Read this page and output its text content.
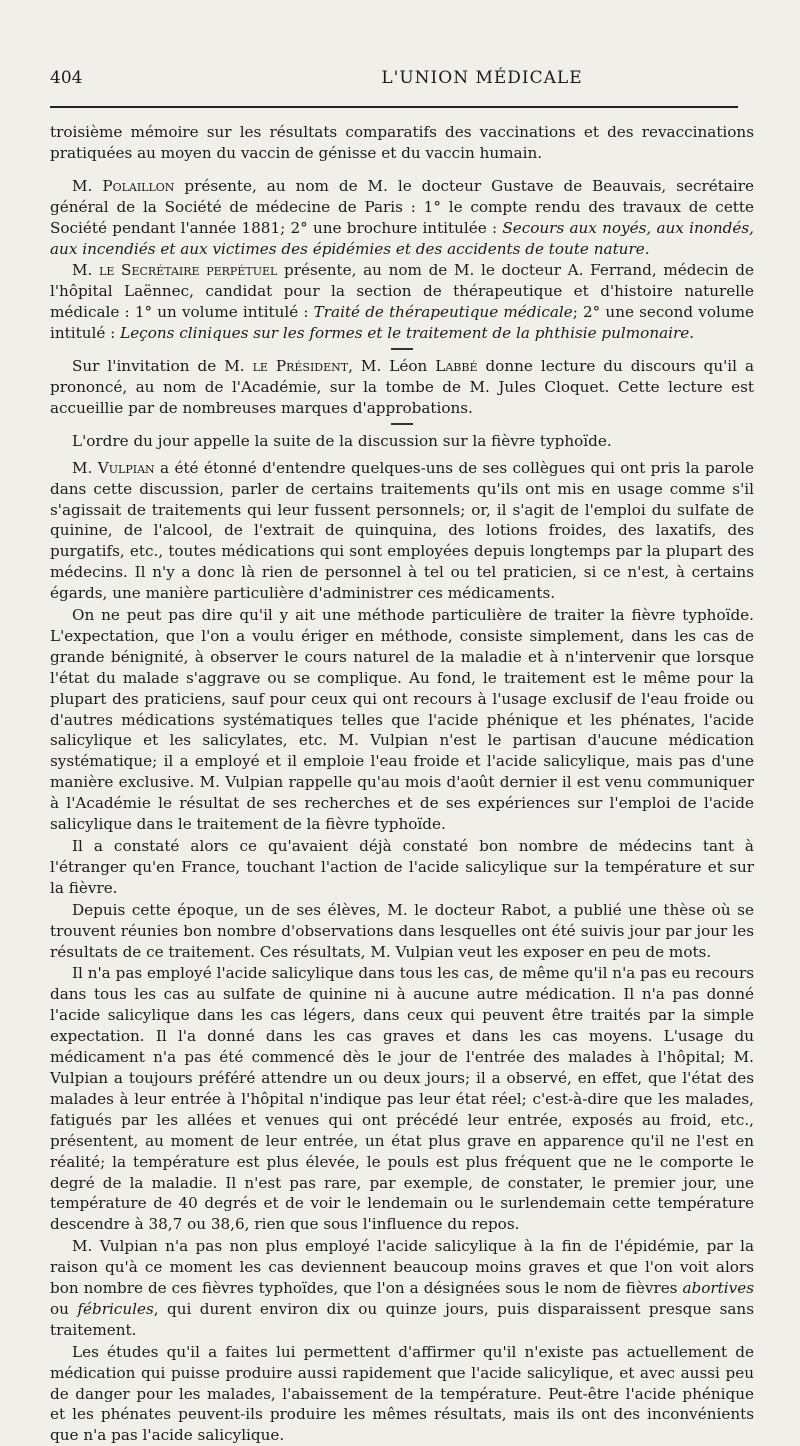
404	L'UNION MÉDICALE

troisième mémoire sur les résultats comparatifs des vaccinations et des revaccinations pratiquées au moyen du vaccin de génisse et du vaccin humain.

M. Polaillon présente, au nom de M. le docteur Gustave de Beauvais, secrétaire général de la Société de médecine de Paris : 1° le compte rendu des travaux de cette Société pendant l'année 1881; 2° une brochure intitulée : Secours aux noyés, aux inondés, aux incendiés et aux victimes des épidémies et des accidents de toute nature.

M. le Secrétaire perpétuel présente, au nom de M. le docteur A. Ferrand, médecin de l'hôpital Laënnec, candidat pour la section de thérapeutique et d'histoire naturelle médicale : 1° un volume intitulé : Traité de thérapeutique médicale; 2° une second volume intitulé : Leçons cliniques sur les formes et le traitement de la phthisie pulmonaire.

Sur l'invitation de M. le Président, M. Léon Labbé donne lecture du discours qu'il a prononcé, au nom de l'Académie, sur la tombe de M. Jules Cloquet. Cette lecture est accueillie par de nombreuses marques d'approbations.

L'ordre du jour appelle la suite de la discussion sur la fièvre typhoïde.

M. Vulpian a été étonné d'entendre quelques-uns de ses collègues qui ont pris la parole dans cette discussion, parler de certains traitements qu'ils ont mis en usage comme s'il s'agissait de traitements qui leur fussent personnels; or, il s'agit de l'emploi du sulfate de quinine, de l'alcool, de l'extrait de quinquina, des lotions froides, des laxatifs, des purgatifs, etc., toutes médications qui sont employées depuis longtemps par la plupart des médecins. Il n'y a donc là rien de personnel à tel ou tel praticien, si ce n'est, à certains égards, une manière particulière d'administrer ces médicaments.

On ne peut pas dire qu'il y ait une méthode particulière de traiter la fièvre typhoïde. L'expectation, que l'on a voulu ériger en méthode, consiste simplement, dans les cas de grande bénignité, à observer le cours naturel de la maladie et à n'intervenir que lorsque l'état du malade s'aggrave ou se complique. Au fond, le traitement est le même pour la plupart des praticiens, sauf pour ceux qui ont recours à l'usage exclusif de l'eau froide ou d'autres médications systématiques telles que l'acide phénique et les phénates, l'acide salicylique et les salicylates, etc. M. Vulpian n'est le partisan d'aucune médication systématique; il a employé et il emploie l'eau froide et l'acide salicylique, mais pas d'une manière exclusive. M. Vulpian rappelle qu'au mois d'août dernier il est venu communiquer à l'Académie le résultat de ses recherches et de ses expériences sur l'emploi de l'acide salicylique dans le traitement de la fièvre typhoïde.

Il a constaté alors ce qu'avaient déjà constaté bon nombre de médecins tant à l'étranger qu'en France, touchant l'action de l'acide salicylique sur la température et sur la fièvre.

Depuis cette époque, un de ses élèves, M. le docteur Rabot, a publié une thèse où se trouvent réunies bon nombre d'observations dans lesquelles ont été suivis jour par jour les résultats de ce traitement. Ces résultats, M. Vulpian veut les exposer en peu de mots.

Il n'a pas employé l'acide salicylique dans tous les cas, de même qu'il n'a pas eu recours dans tous les cas au sulfate de quinine ni à aucune autre médication. Il n'a pas donné l'acide salicylique dans les cas légers, dans ceux qui peuvent être traités par la simple expectation. Il l'a donné dans les cas graves et dans les cas moyens. L'usage du médicament n'a pas été commencé dès le jour de l'entrée des malades à l'hôpital; M. Vulpian a toujours préféré attendre un ou deux jours; il a observé, en effet, que l'état des malades à leur entrée à l'hôpital n'indique pas leur état réel; c'est-à-dire que les malades, fatigués par les allées et venues qui ont précédé leur entrée, exposés au froid, etc., présentent, au moment de leur entrée, un état plus grave en apparence qu'il ne l'est en réalité; la température est plus élevée, le pouls est plus fréquent que ne le comporte le degré de la maladie. Il n'est pas rare, par exemple, de constater, le premier jour, une température de 40 degrés et de voir le lendemain ou le surlendemain cette température descendre à 38,7 ou 38,6, rien que sous l'influence du repos.

M. Vulpian n'a pas non plus employé l'acide salicylique à la fin de l'épidémie, par la raison qu'à ce moment les cas deviennent beaucoup moins graves et que l'on voit alors bon nombre de ces fièvres typhoïdes, que l'on a désignées sous le nom de fièvres abortives ou fébricules, qui durent environ dix ou quinze jours, puis disparaissent presque sans traitement.

Les études qu'il a faites lui permettent d'affirmer qu'il n'existe pas actuellement de médication qui puisse produire aussi rapidement que l'acide salicylique, et avec aussi peu de danger pour les malades, l'abaissement de la température. Peut-être l'acide phénique et les phénates peuvent-ils produire les mêmes résultats, mais ils ont des inconvénients que n'a pas l'acide salicylique.
